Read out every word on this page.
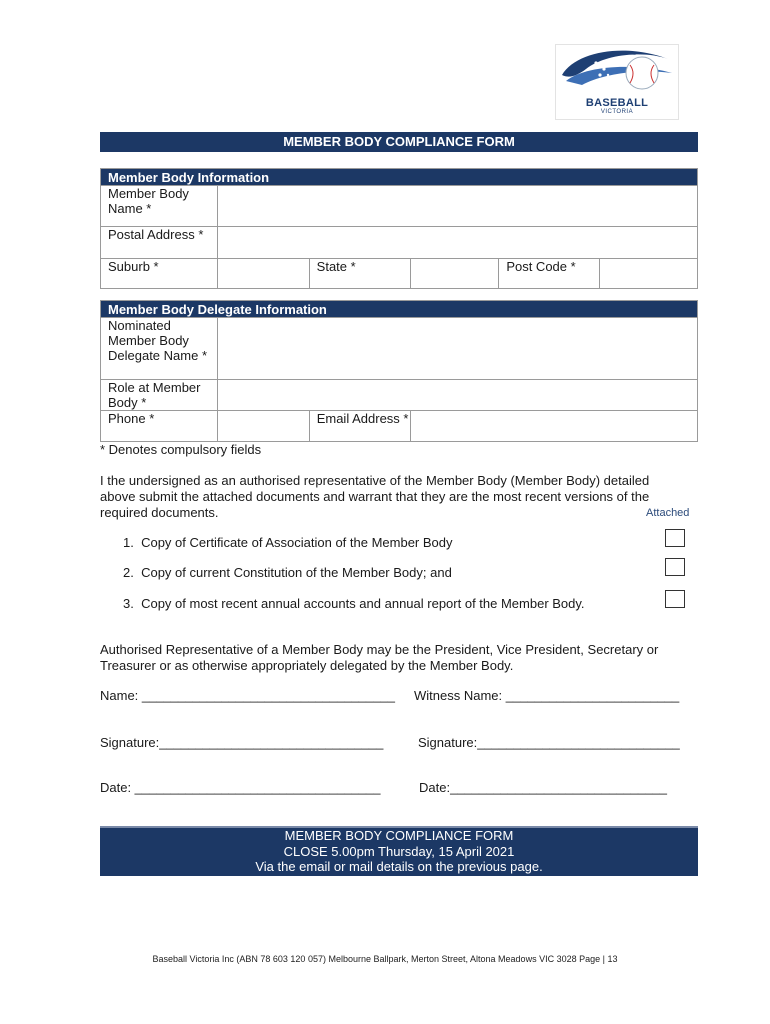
BASEBALL
VICTORIA
MEMBER BODY COMPLIANCE FORM
Member Body Information					
Member Body Name *					
Postal Address *					
Suburb *		State *		Post Code *	
Member Body Delegate Information			
Nominated Member Body Delegate Name *			
Role at Member Body *			
Phone *		Email Address *	
* Denotes compulsory fields
I the undersigned as an authorised representative of the Member Body (Member Body) detailed above submit the attached documents and warrant that they are the most recent versions of the required documents.	Attached
1. Copy of Certificate of Association of the Member Body
2. Copy of current Constitution of the Member Body; and
3. Copy of most recent annual accounts and annual report of the Member Body.
Authorised Representative of a Member Body may be the President, Vice President, Secretary or Treasurer or as otherwise appropriately delegated by the Member Body.
Name: ___________________________________ Witness Name: ________________________
Signature:_______________________________	Signature:____________________________
Date: __________________________________	Date:______________________________
MEMBER BODY COMPLIANCE FORM
CLOSE 5.00pm Thursday, 15 April 2021
Via the email or mail details on the previous page.
Baseball Victoria Inc (ABN 78 603 120 057) Melbourne Ballpark, Merton Street, Altona Meadows VIC 3028 Page | 13
